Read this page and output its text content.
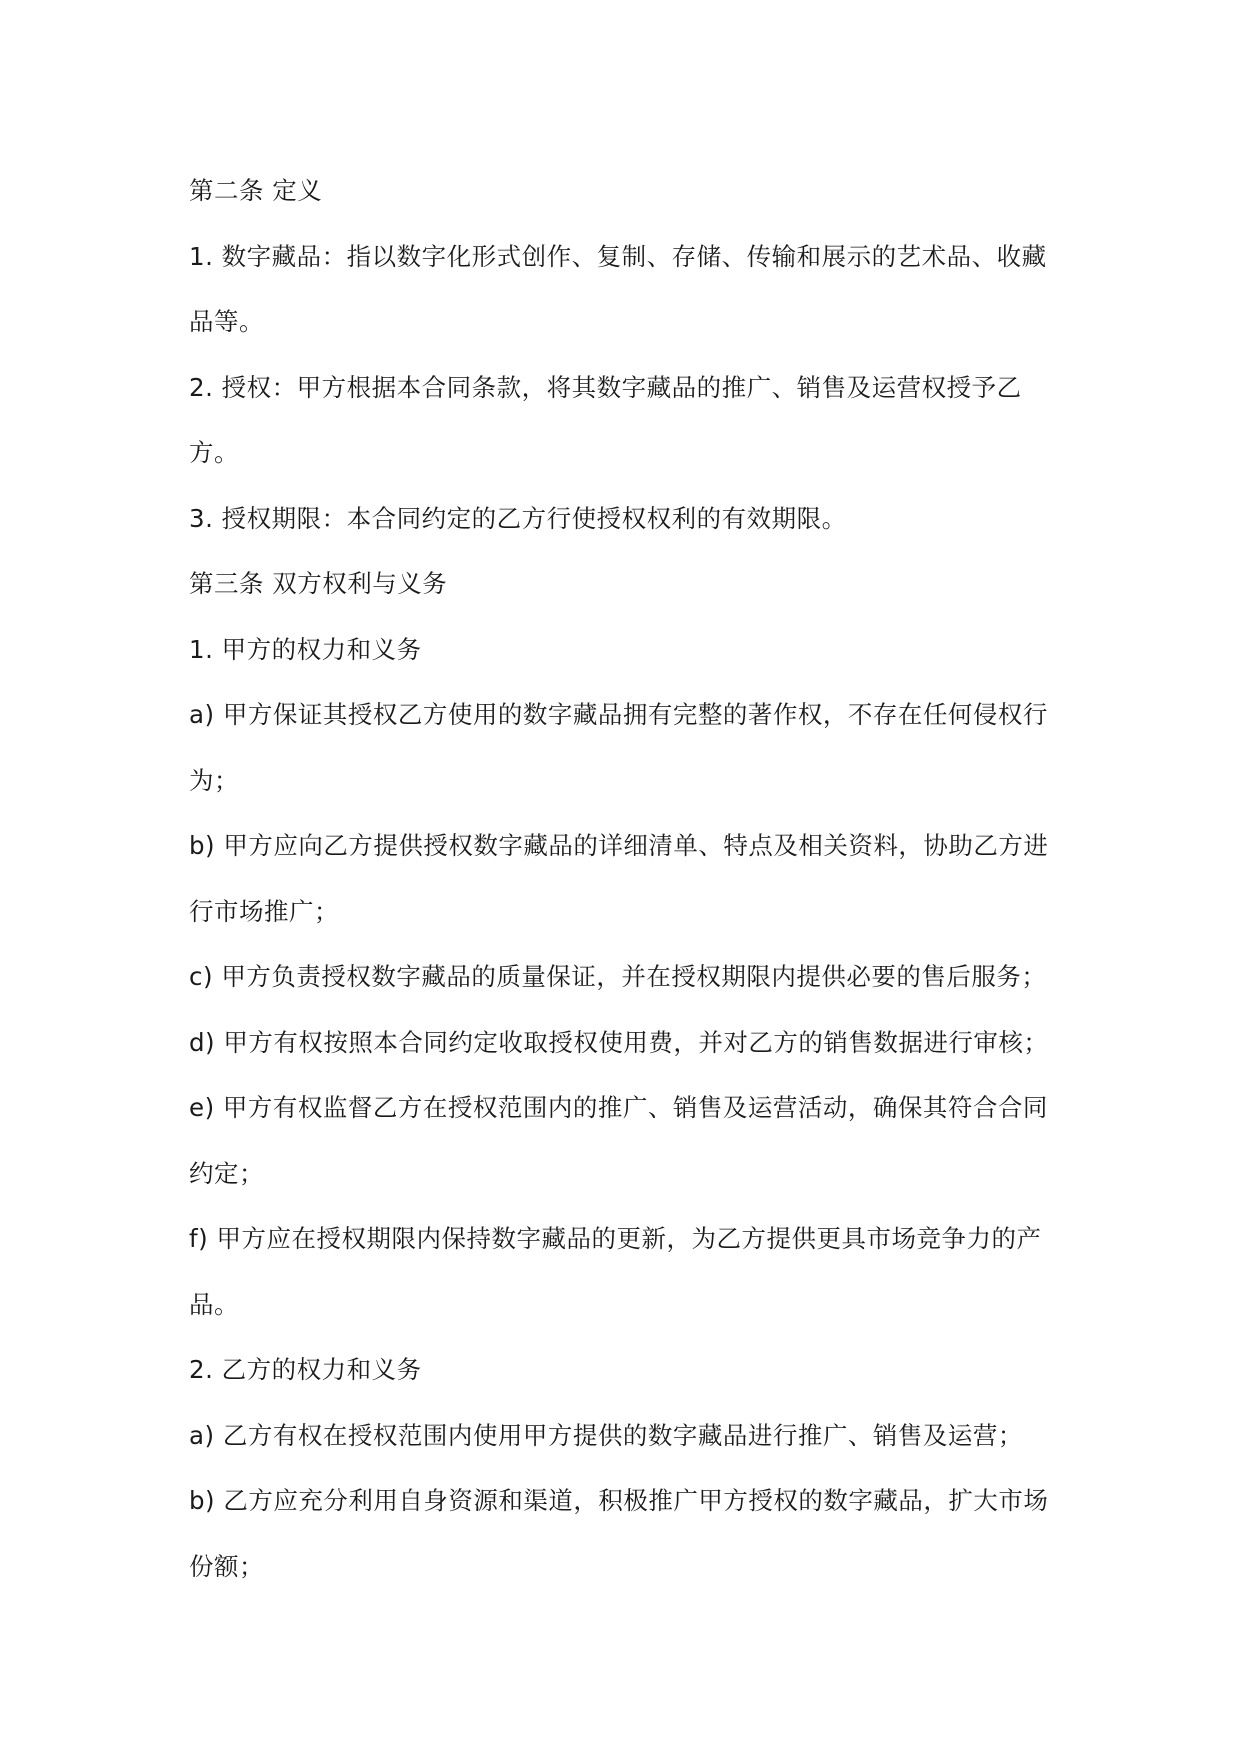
第二条 定义
1. 数字藏品：指以数字化形式创作、复制、存储、传输和展示的艺术品、收藏
品等。
2. 授权：甲方根据本合同条款，将其数字藏品的推广、销售及运营权授予乙
方。
3. 授权期限：本合同约定的乙方行使授权权利的有效期限。
第三条 双方权利与义务
1. 甲方的权力和义务
a) 甲方保证其授权乙方使用的数字藏品拥有完整的著作权，不存在任何侵权行
为；
b) 甲方应向乙方提供授权数字藏品的详细清单、特点及相关资料，协助乙方进
行市场推广；
c) 甲方负责授权数字藏品的质量保证，并在授权期限内提供必要的售后服务；
d) 甲方有权按照本合同约定收取授权使用费，并对乙方的销售数据进行审核；
e) 甲方有权监督乙方在授权范围内的推广、销售及运营活动，确保其符合合同
约定；
f) 甲方应在授权期限内保持数字藏品的更新，为乙方提供更具市场竞争力的产
品。
2. 乙方的权力和义务
a) 乙方有权在授权范围内使用甲方提供的数字藏品进行推广、销售及运营；
b) 乙方应充分利用自身资源和渠道，积极推广甲方授权的数字藏品，扩大市场
份额；
